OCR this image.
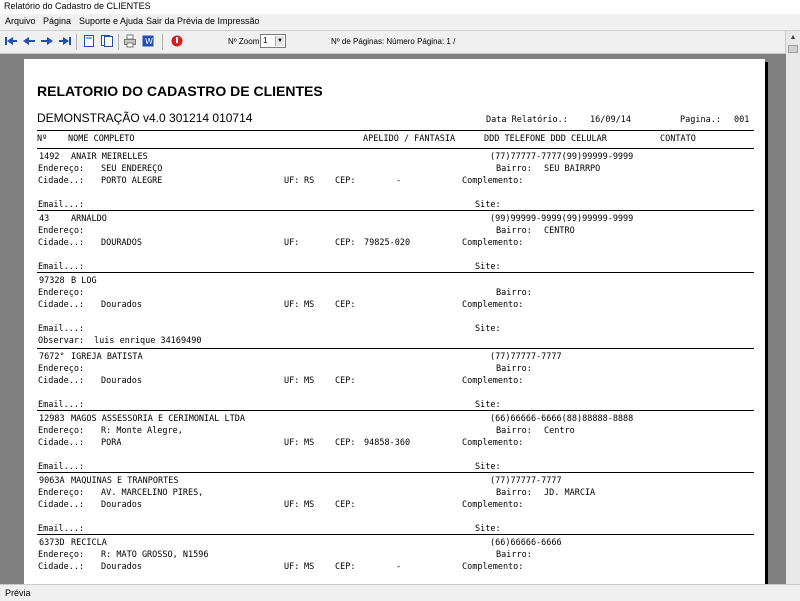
Relatório do Cadastro de CLIENTES
Arquivo Página Suporte e Ajuda Sair da Prévia de Impressão
W	Nº Zoom 1	▼	Nº de Páginas: Número Página: 1 /	▲
RELATORIO DO CADASTRO DE CLIENTES
DEMONSTRAÇÃO v4.0 301214 010714	Data Relatório.:	16/09/14	Pagina.: 001
Nº NOME COMPLETO	APELIDO / FANTASIA	DDD TELEFONE DDD CELULAR	CONTATO
1492 ANAIR MEIRELLES	(77)77777-7777(99)99999-9999
Endereço: SEU ENDEREÇO	Bairro: SEU BAIRRPO
Cidade..: PORTO ALEGRE	UF: RS CEP:	-	Complemento:
Email...:	Site:
43	ARNALDO	(99)99999-9999(99)99999-9999
Endereço:	Bairro: CENTRO
Cidade..: DOURADOS	UF:	CEP: 79825-020	Complemento:
Email...:	Site:
97328 B LOG
Endereço:	Bairro:
Cidade..: Dourados	UF: MS CEP:	Complemento:
Email...:	Site:
Observar: luis enrique 34169490
7672° IGREJA BATISTA	(77)77777-7777
Endereço:	Bairro:
Cidade..: Dourados	UF: MS CEP:	Complemento:
Email...:	Site:
12983 MAGOS ASSESSORIA E CERIMONIAL LTDA	(66)66666-6666(88)88888-8888
Endereço: R: Monte Alegre,	Bairro: Centro
Cidade..: PORA	UF: MS CEP: 94858-360	Complemento:
Email...:	Site:
9063A MAQUINAS E TRANPORTES	(77)77777-7777
Endereço: AV. MARCELINO PIRES,	Bairro: JD. MARCIA
Cidade..: Dourados	UF: MS CEP:	Complemento:
Email...:	Site:
6373D RECICLA	(66)66666-6666
Endereço: R: MATO GROSSO, N1596	Bairro:
Cidade..: Dourados	UF: MS CEP:	-	Complemento:
Prévia
